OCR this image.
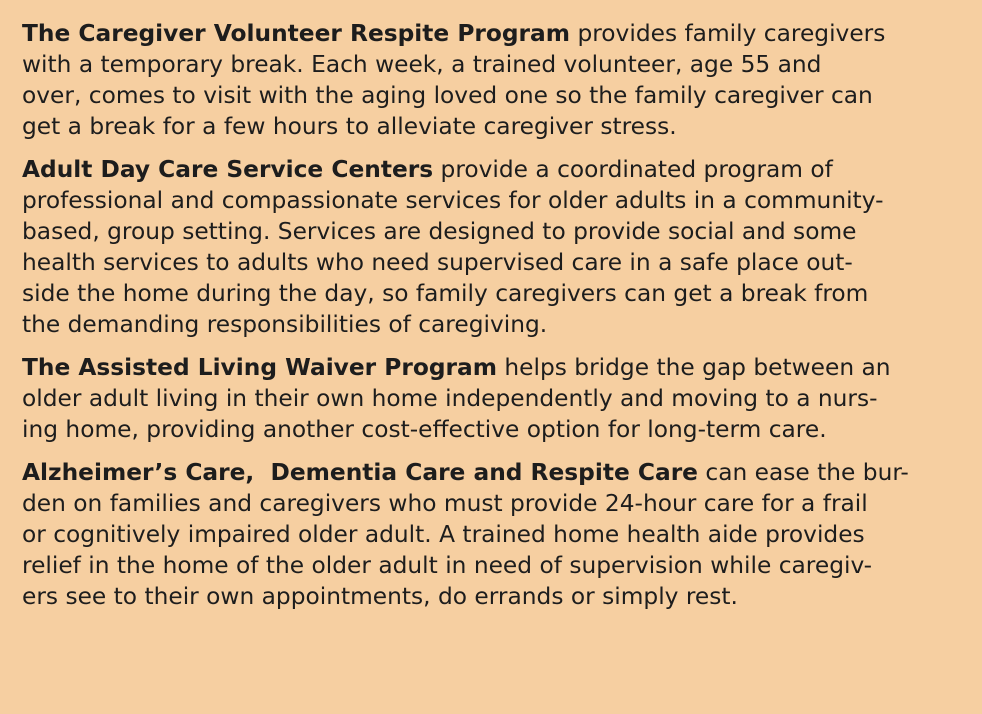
The Caregiver Volunteer Respite Program provides family caregivers
with a temporary break. Each week, a trained volunteer, age 55 and
over, comes to visit with the aging loved one so the family caregiver can
get a break for a few hours to alleviate caregiver stress.
Adult Day Care Service Centers provide a coordinated program of
professional and compassionate services for older adults in a community-
based, group setting. Services are designed to provide social and some
health services to adults who need supervised care in a safe place out-
side the home during the day, so family caregivers can get a break from
the demanding responsibilities of caregiving.
The Assisted Living Waiver Program helps bridge the gap between an
older adult living in their own home independently and moving to a nurs-
ing home, providing another cost-effective option for long-term care.
Alzheimer’s Care,  Dementia Care and Respite Care can ease the bur-
den on families and caregivers who must provide 24-hour care for a frail
or cognitively impaired older adult. A trained home health aide provides
relief in the home of the older adult in need of supervision while caregiv-
ers see to their own appointments, do errands or simply rest.
